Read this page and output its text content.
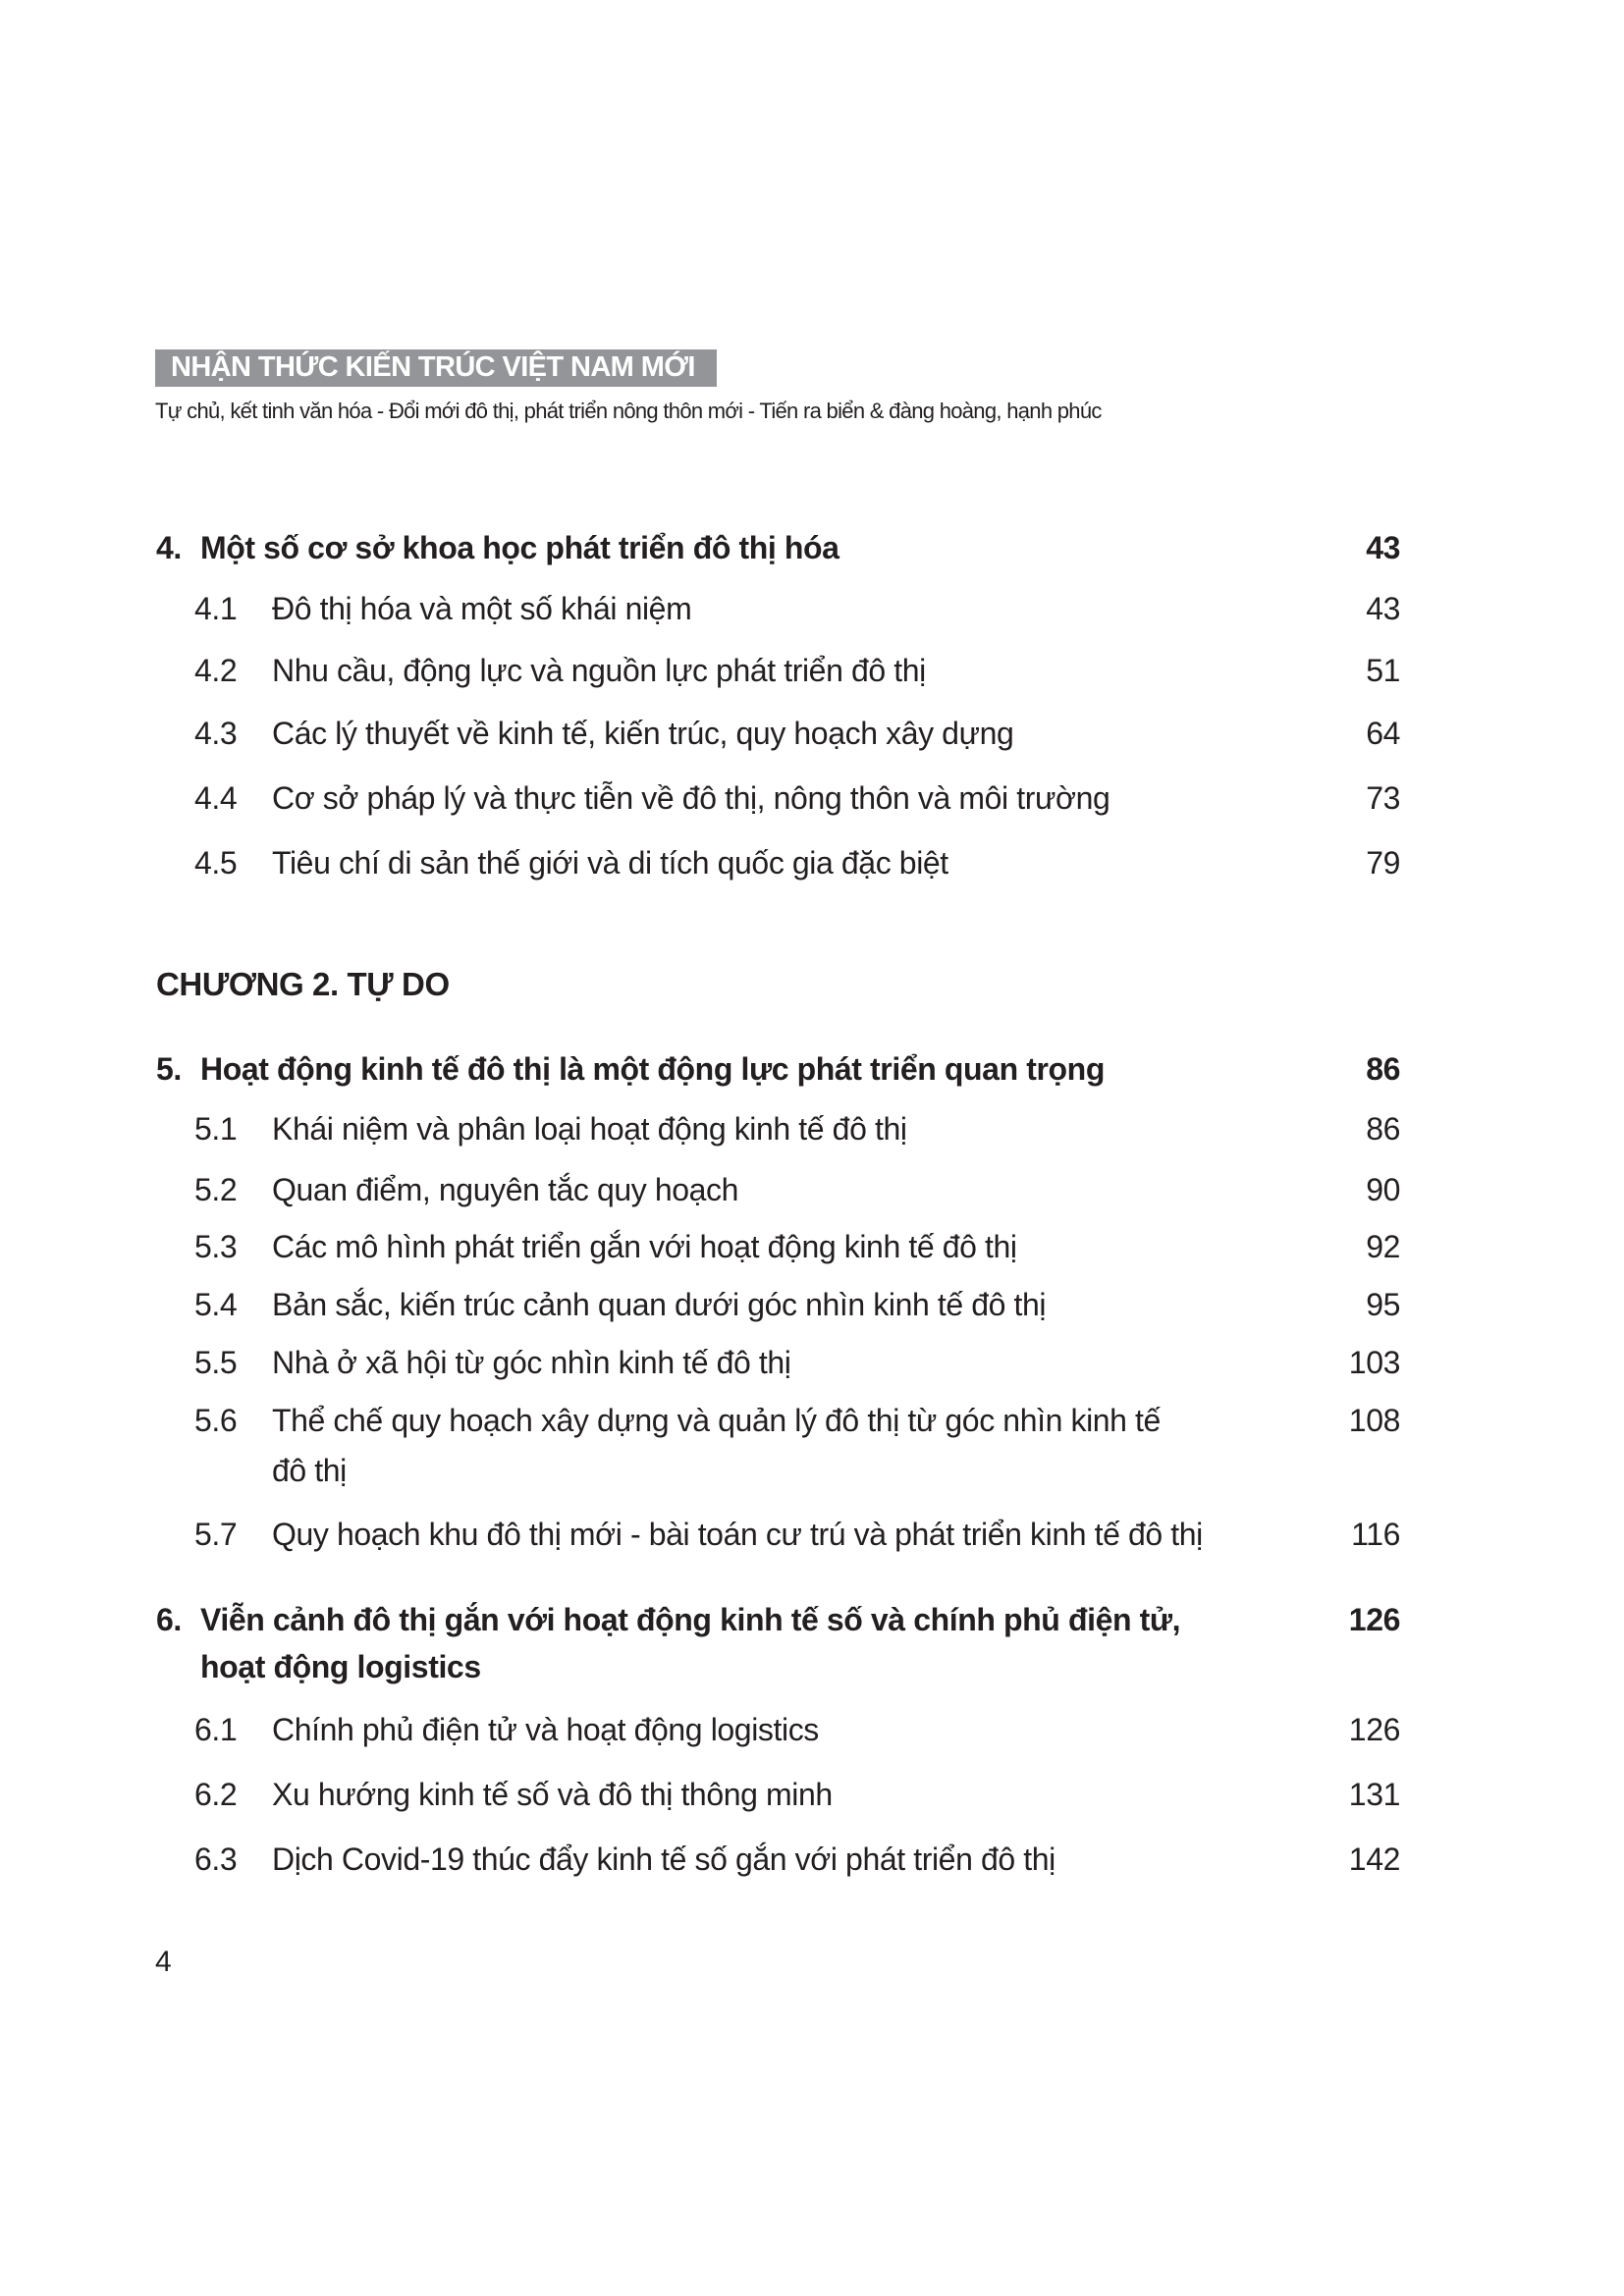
NHẬN THỨC KIẾN TRÚC VIỆT NAM MỚI
Tự chủ, kết tinh văn hóa - Đổi mới đô thị, phát triển nông thôn mới - Tiến ra biển & đàng hoàng, hạnh phúc
4. Một số cơ sở khoa học phát triển đô thị hóa	43
4.1 Đô thị hóa và một số khái niệm	43
4.2 Nhu cầu, động lực và nguồn lực phát triển đô thị	51
4.3 Các lý thuyết về kinh tế, kiến trúc, quy hoạch xây dựng	64
4.4 Cơ sở pháp lý và thực tiễn về đô thị, nông thôn và môi trường	73
4.5 Tiêu chí di sản thế giới và di tích quốc gia đặc biệt	79
CHƯƠNG 2. TỰ DO
5. Hoạt động kinh tế đô thị là một động lực phát triển quan trọng	86
5.1 Khái niệm và phân loại hoạt động kinh tế đô thị	86
5.2 Quan điểm, nguyên tắc quy hoạch	90
5.3 Các mô hình phát triển gắn với hoạt động kinh tế đô thị	92
5.4 Bản sắc, kiến trúc cảnh quan dưới góc nhìn kinh tế đô thị	95
5.5 Nhà ở xã hội từ góc nhìn kinh tế đô thị	103
5.6 Thể chế quy hoạch xây dựng và quản lý đô thị từ góc nhìn kinh tế	108
đô thị
5.7 Quy hoạch khu đô thị mới - bài toán cư trú và phát triển kinh tế đô thị	116
6. Viễn cảnh đô thị gắn với hoạt động kinh tế số và chính phủ điện tử,	126
hoạt động logistics
6.1 Chính phủ điện tử và hoạt động logistics	126
6.2 Xu hướng kinh tế số và đô thị thông minh	131
6.3 Dịch Covid-19 thúc đẩy kinh tế số gắn với phát triển đô thị	142
4
